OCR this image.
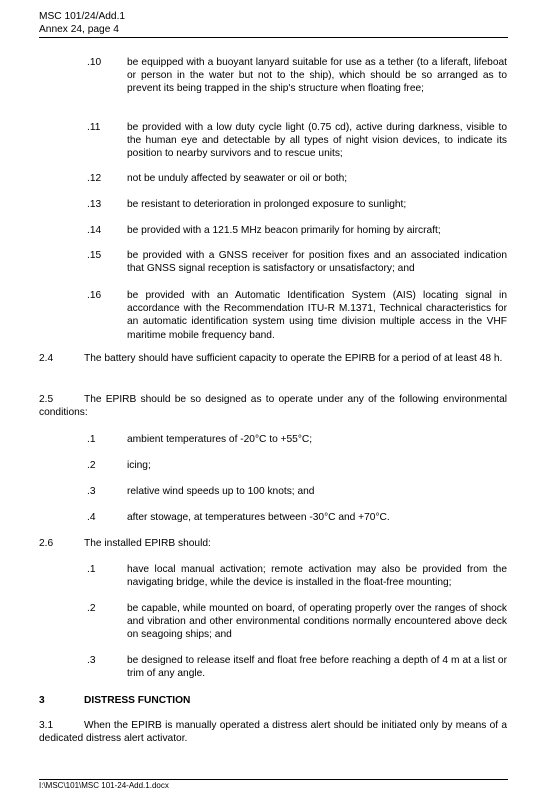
MSC 101/24/Add.1
Annex 24, page 4
.10	be equipped with a buoyant lanyard suitable for use as a tether (to a liferaft, lifeboat or person in the water but not to the ship), which should be so arranged as to prevent its being trapped in the ship's structure when floating free;
.11	be provided with a low duty cycle light (0.75 cd), active during darkness, visible to the human eye and detectable by all types of night vision devices, to indicate its position to nearby survivors and to rescue units;
.12	not be unduly affected by seawater or oil or both;
.13	be resistant to deterioration in prolonged exposure to sunlight;
.14	be provided with a 121.5 MHz beacon primarily for homing by aircraft;
.15	be provided with a GNSS receiver for position fixes and an associated indication that GNSS signal reception is satisfactory or unsatisfactory; and
.16	be provided with an Automatic Identification System (AIS) locating signal in accordance with the Recommendation ITU-R M.1371, Technical characteristics for an automatic identification system using time division multiple access in the VHF maritime mobile frequency band.
2.4	The battery should have sufficient capacity to operate the EPIRB for a period of at least 48 h.
2.5	The EPIRB should be so designed as to operate under any of the following environmental conditions:
.1	ambient temperatures of -20°C to +55°C;
.2	icing;
.3	relative wind speeds up to 100 knots; and
.4	after stowage, at temperatures between -30°C and +70°C.
2.6	The installed EPIRB should:
.1	have local manual activation; remote activation may also be provided from the navigating bridge, while the device is installed in the float-free mounting;
.2	be capable, while mounted on board, of operating properly over the ranges of shock and vibration and other environmental conditions normally encountered above deck on seagoing ships; and
.3	be designed to release itself and float free before reaching a depth of 4 m at a list or trim of any angle.
3	DISTRESS FUNCTION
3.1	When the EPIRB is manually operated a distress alert should be initiated only by means of a dedicated distress alert activator.
I:\MSC\101\MSC 101-24-Add.1.docx
